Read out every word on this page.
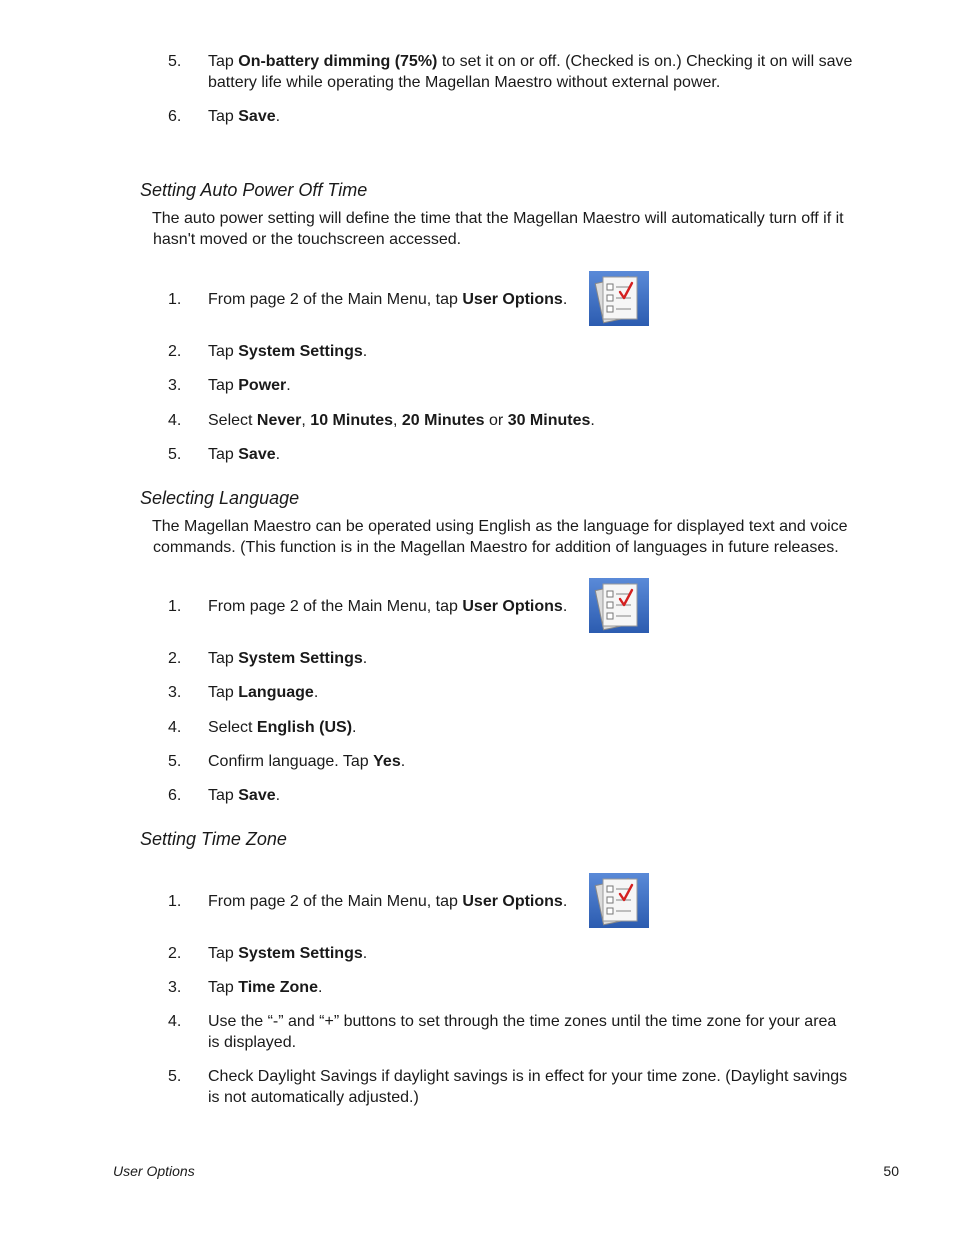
5.	Tap On-battery dimming (75%) to set it on or off. (Checked is on.) Checking it on will save
battery life while operating the Magellan Maestro without external power.
6.	Tap Save.
Setting Auto Power Off Time
The auto power setting will define the time that the Magellan Maestro will automatically turn off if it
hasn't moved or the touchscreen accessed.
1.	From page 2 of the Main Menu, tap User Options.
2.	Tap System Settings.
3.	Tap Power.
4.	Select Never, 10 Minutes, 20 Minutes or 30 Minutes.
5.	Tap Save.
Selecting Language
The Magellan Maestro can be operated using English as the language for displayed text and voice
commands. (This function is in the Magellan Maestro for addition of languages in future releases.
1.	From page 2 of the Main Menu, tap User Options.
2.	Tap System Settings.
3.	Tap Language.
4.	Select English (US).
5.	Confirm language. Tap Yes.
6.	Tap Save.
Setting Time Zone
1.	From page 2 of the Main Menu, tap User Options.
2.	Tap System Settings.
3.	Tap Time Zone.
4.	Use the “-” and “+” buttons to set through the time zones until the time zone for your area
is displayed.
5.	Check Daylight Savings if daylight savings is in effect for your time zone. (Daylight savings
is not automatically adjusted.)
User Options	50
